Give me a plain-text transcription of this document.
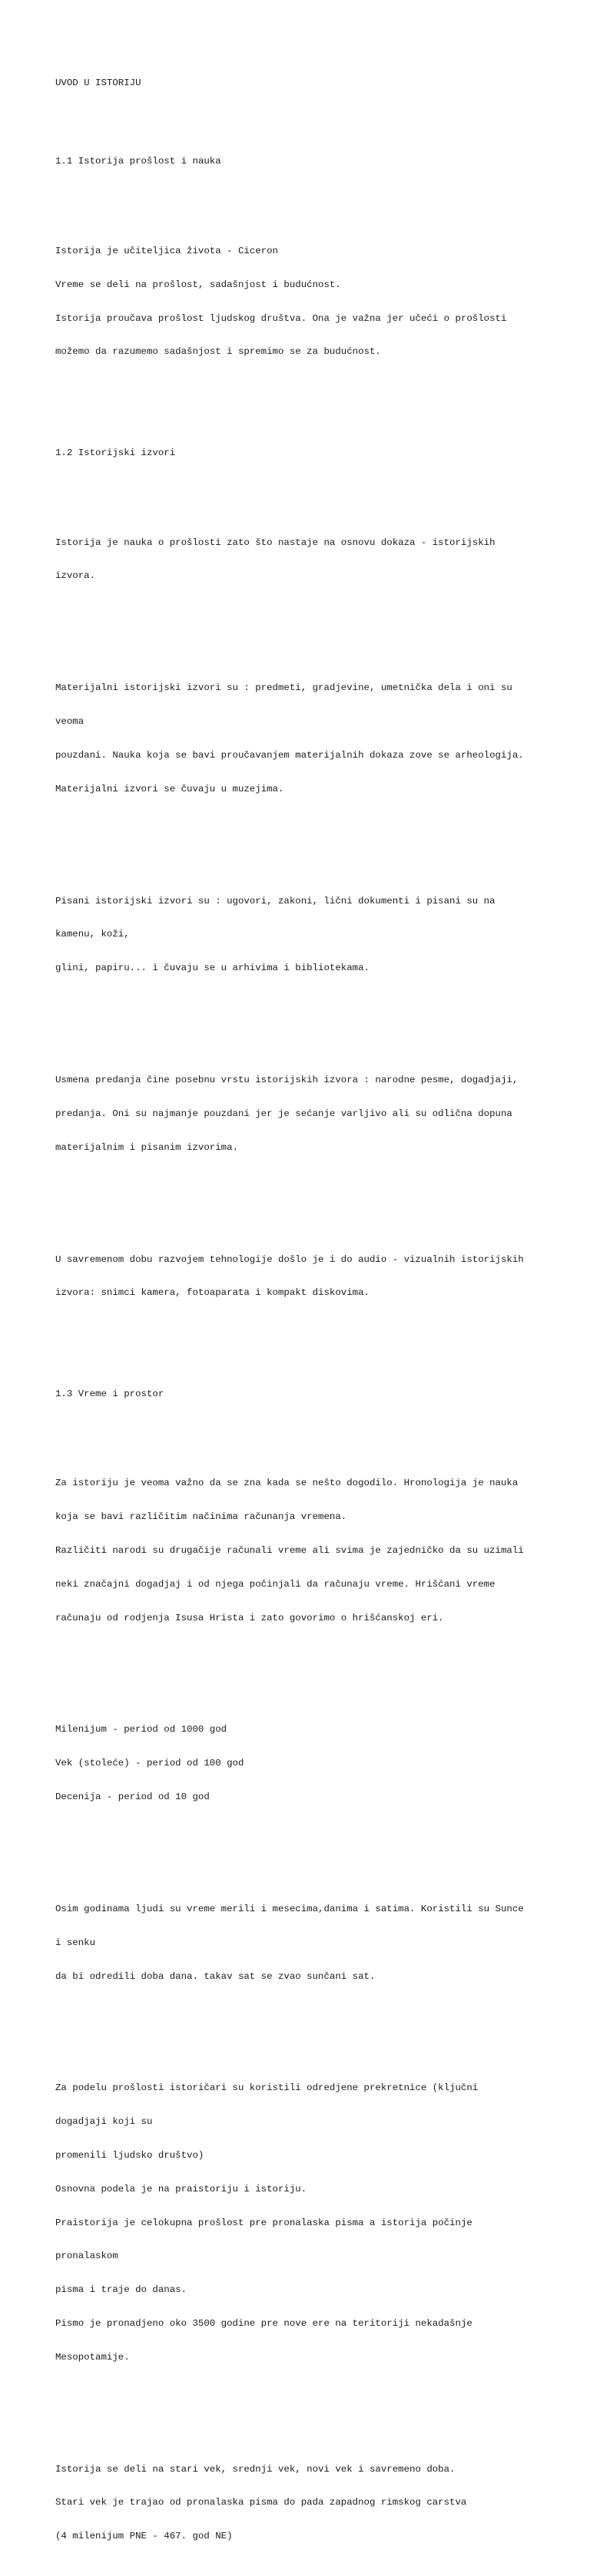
UVOD U ISTORIJU

1.1 Istorija prošlost i nauka

Istorija je učiteljica života - Ciceron

Vreme se deli na prošlost, sadašnjost i budućnost.

Istorija proučava prošlost ljudskog društva. Ona je važna jer učeći o prošlosti

možemo da razumemo sadašnjost i spremimo se za budućnost.

1.2 Istorijski izvori

Istorija je nauka o prošlosti zato što nastaje na osnovu dokaza - istorijskih

izvora.

Materijalni istorijski izvori su : predmeti, gradjevine, umetnička dela i oni su

veoma

pouzdani. Nauka koja se bavi proučavanjem materijalnih dokaza zove se arheologija.

Materijalni izvori se čuvaju u muzejima.

Pisani istorijski izvori su : ugovori, zakoni, lični dokumenti i pisani su na

kamenu, koži,

glini, papiru... i čuvaju se u arhivima i bibliotekama.

Usmena predanja čine posebnu vrstu istorijskih izvora : narodne pesme, dogadjaji,

predanja. Oni su najmanje pouzdani jer je sećanje varljivo ali su odlična dopuna

materijalnim i pisanim izvorima.

U savremenom dobu razvojem tehnologije došlo je i do audio - vizualnih istorijskih

izvora: snimci kamera, fotoaparata i kompakt diskovima.

1.3 Vreme i prostor

Za istoriju je veoma važno da se zna kada se nešto dogodilo. Hronologija je nauka

koja se bavi različitim načinima računanja vremena.

Različiti narodi su drugačije računali vreme ali svima je zajedničko da su uzimali

neki značajni dogadjaj i od njega počinjali da računaju vreme. Hrišćani vreme

računaju od rodjenja Isusa Hrista i zato govorimo o hrišćanskoj eri.

Milenijum - period od 1000 god

Vek (stoleće) - period od 100 god

Decenija - period od 10 god

Osim godinama ljudi su vreme merili i mesecima,danima i satima. Koristili su Sunce

i senku

da bi odredili doba dana. takav sat se zvao sunčani sat.

Za podelu prošlosti istoričari su koristili odredjene prekretnice (ključni

dogadjaji koji su

promenili ljudsko društvo)

Osnovna podela je na praistoriju i istoriju.

Praistorija je celokupna prošlost pre pronalaska pisma a istorija počinje

pronalaskom

pisma i traje do danas.

Pismo je pronadjeno oko 3500 godine pre nove ere na teritoriji nekadašnje

Mesopotamije.

Istorija se deli na stari vek, srednji vek, novi vek i savremeno doba.

Stari vek je trajao od pronalaska pisma do pada zapadnog rimskog carstva

(4 milenijum PNE - 467. god NE)
